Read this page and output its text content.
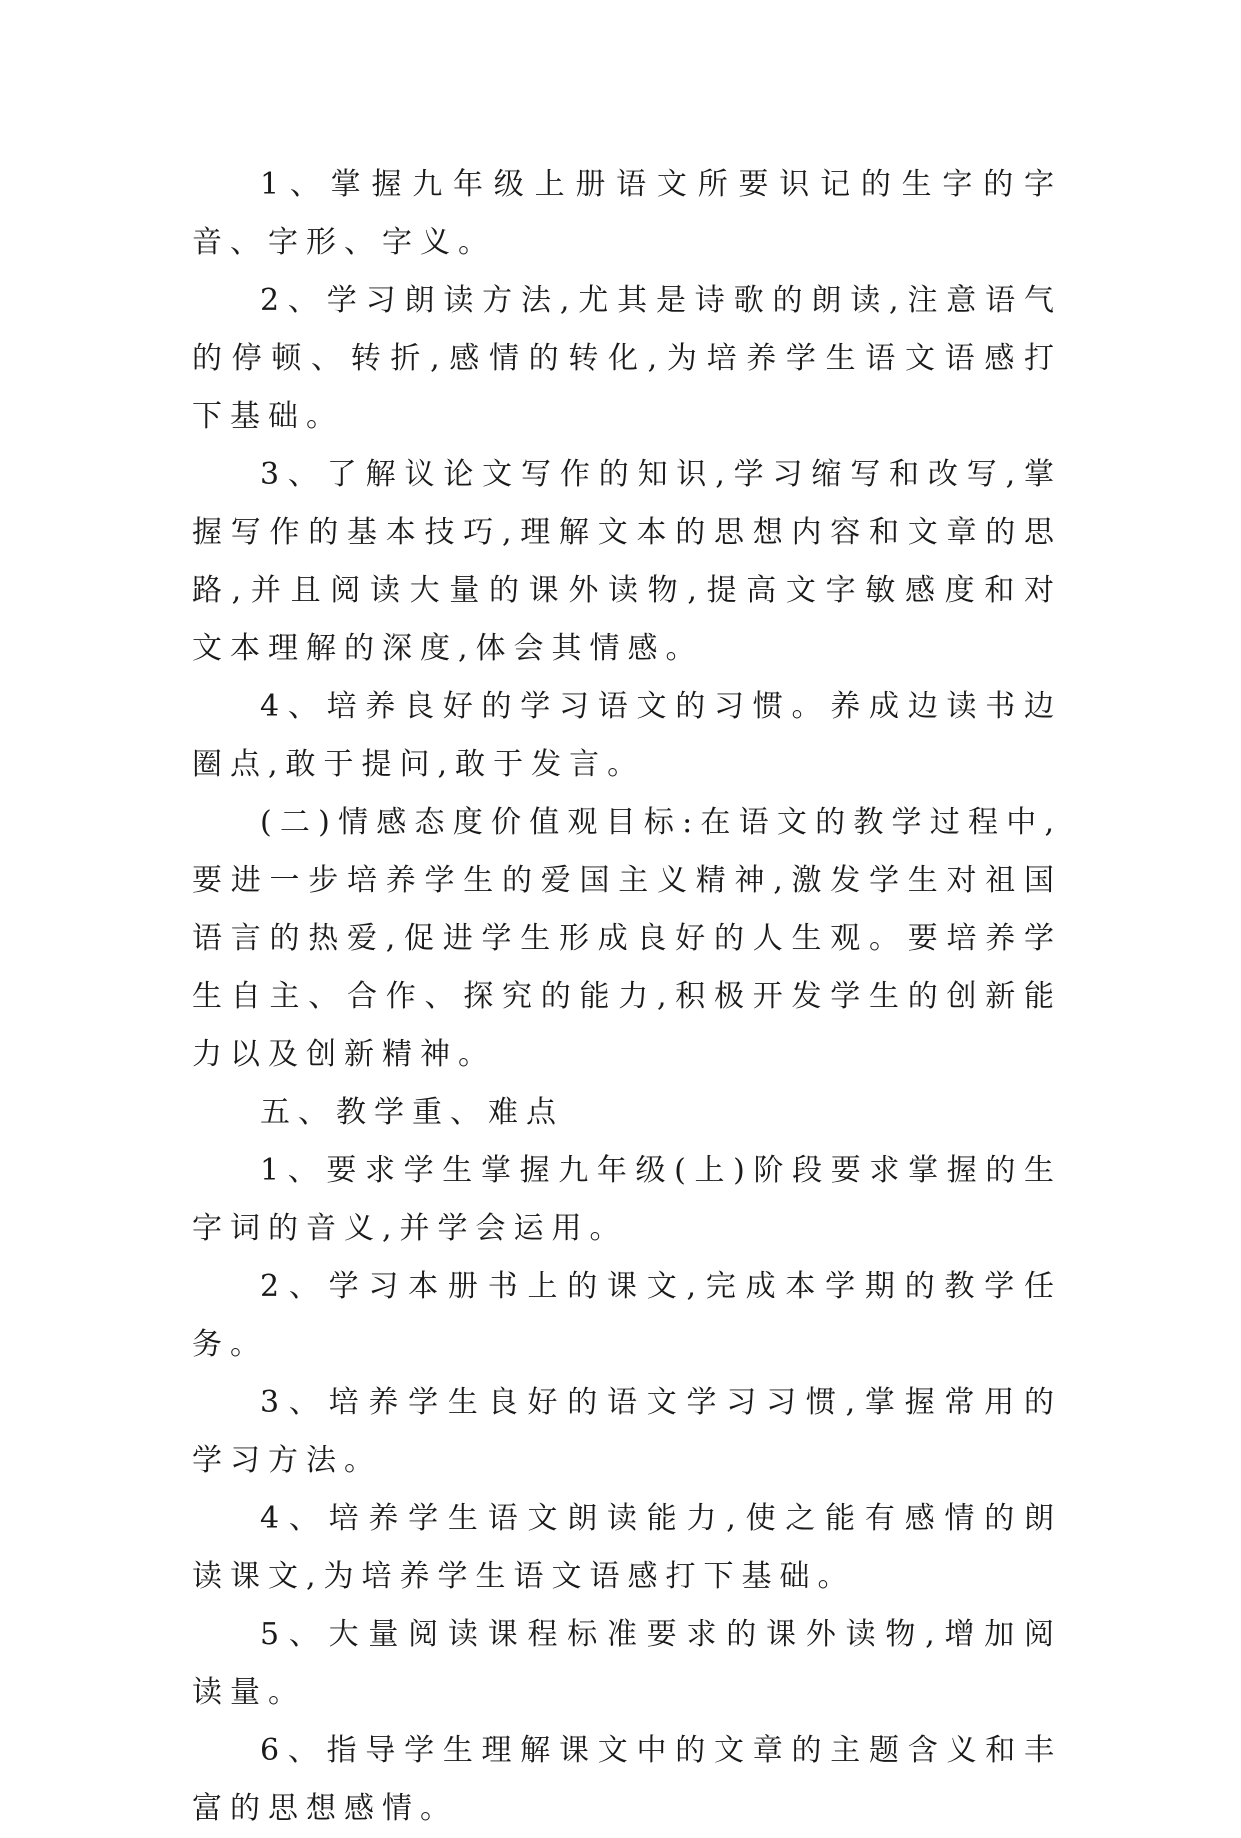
1、掌握九年级上册语文所要识记的生字的字音、字形、字义。

2、学习朗读方法,尤其是诗歌的朗读,注意语气的停顿、转折,感情的转化,为培养学生语文语感打下基础。

3、了解议论文写作的知识,学习缩写和改写,掌握写作的基本技巧,理解文本的思想内容和文章的思路,并且阅读大量的课外读物,提高文字敏感度和对文本理解的深度,体会其情感。

4、培养良好的学习语文的习惯。养成边读书边圈点,敢于提问,敢于发言。

(二)情感态度价值观目标:在语文的教学过程中,要进一步培养学生的爱国主义精神,激发学生对祖国语言的热爱,促进学生形成良好的人生观。要培养学生自主、合作、探究的能力,积极开发学生的创新能力以及创新精神。

五、教学重、难点

1、要求学生掌握九年级(上)阶段要求掌握的生字词的音义,并学会运用。

2、学习本册书上的课文,完成本学期的教学任务。

3、培养学生良好的语文学习习惯,掌握常用的学习方法。

4、培养学生语文朗读能力,使之能有感情的朗读课文,为培养学生语文语感打下基础。

5、大量阅读课程标准要求的课外读物,增加阅读量。

6、指导学生理解课文中的文章的主题含义和丰富的思想感情。
